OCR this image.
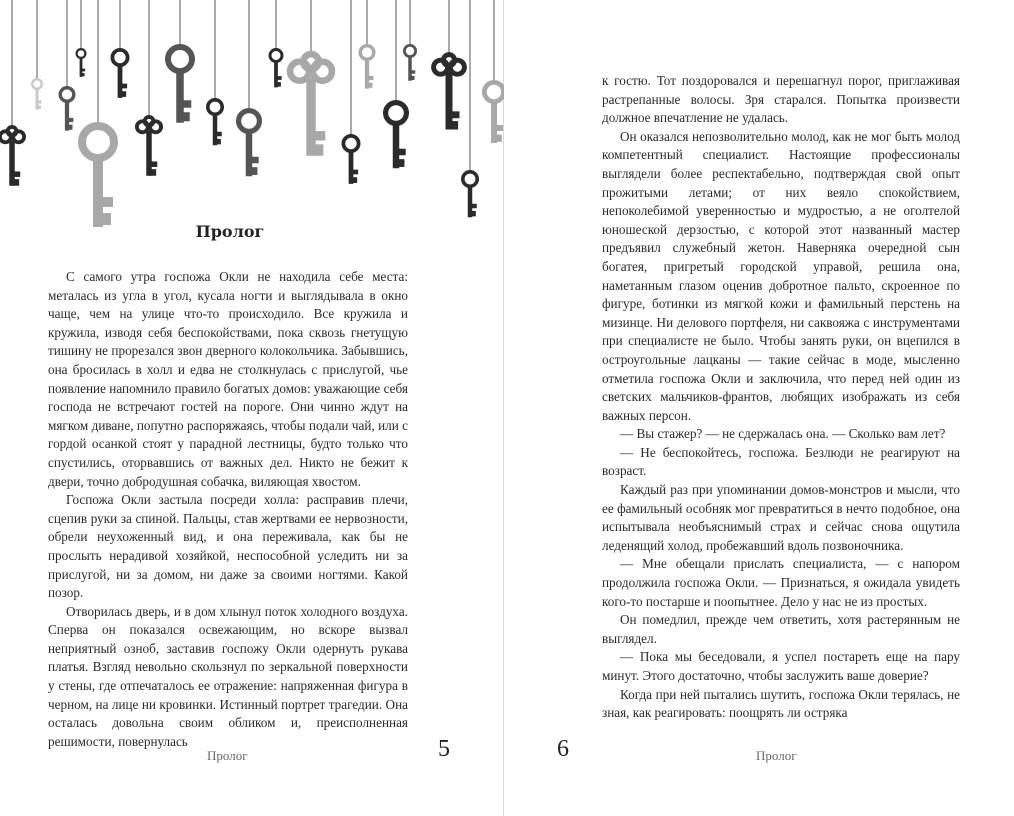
Пролог

С самого утра госпожа Окли не находила себе места: металась из угла в угол, кусала ногти и выглядывала в окно чаще, чем на улице что-то происходило. Все кружила и кружила, изводя себя беспокойствами, пока сквозь гнетущую тишину не прорезался звон дверного колокольчика. Забывшись, она бросилась в холл и едва не столкнулась с прислугой, чье появление напомнило правило богатых домов: уважающие себя господа не встречают гостей на пороге. Они чинно ждут на мягком диване, попутно распоряжаясь, чтобы подали чай, или с гордой осанкой стоят у парадной лестницы, будто только что спустились, оторвавшись от важных дел. Никто не бежит к двери, точно добродушная собачка, виляющая хвостом.

Госпожа Окли застыла посреди холла: расправив плечи, сцепив руки за спиной. Пальцы, став жертвами ее нервозности, обрели неухоженный вид, и она переживала, как бы не прослыть нерадивой хозяйкой, неспособной уследить ни за прислугой, ни за домом, ни даже за своими ногтями. Какой позор.

Отворилась дверь, и в дом хлынул поток холодного воздуха. Сперва он показался освежающим, но вскоре вызвал неприятный озноб, заставив госпожу Окли одернуть рукава платья. Взгляд невольно скользнул по зеркальной поверхности у стены, где отпечаталось ее отражение: напряженная фигура в черном, на лице ни кровинки. Истинный портрет трагедии. Она осталась довольна своим обликом и, преисполненная решимости, повернулась

Пролог	5

к гостю. Тот поздоровался и перешагнул порог, приглаживая растрепанные волосы. Зря старался. Попытка произвести должное впечатление не удалась.

Он оказался непозволительно молод, как не мог быть молод компетентный специалист. Настоящие профессионалы выглядели более респектабельно, подтверждая свой опыт прожитыми летами; от них веяло спокойствием, непоколебимой уверенностью и мудростью, а не оголтелой юношеской дерзостью, с которой этот названный мастер предъявил служебный жетон. Наверняка очередной сын богатея, пригретый городской управой, решила она, наметанным глазом оценив добротное пальто, скроенное по фигуре, ботинки из мягкой кожи и фамильный перстень на мизинце. Ни делового портфеля, ни саквояжа с инструментами при специалисте не было. Чтобы занять руки, он вцепился в остроугольные лацканы — такие сейчас в моде, мысленно отметила госпожа Окли и заключила, что перед ней один из светских мальчиков-франтов, любящих изображать из себя важных персон.

— Вы стажер? — не сдержалась она. — Сколько вам лет?

— Не беспокойтесь, госпожа. Безлюди не реагируют на возраст.

Каждый раз при упоминании домов-монстров и мысли, что ее фамильный особняк мог превратиться в нечто подобное, она испытывала необъяснимый страх и сейчас снова ощутила леденящий холод, пробежавший вдоль позвоночника.

— Мне обещали прислать специалиста, — с напором продолжила госпожа Окли. — Признаться, я ожидала увидеть кого-то постарше и поопытнее. Дело у нас не из простых.

Он помедлил, прежде чем ответить, хотя растерянным не выглядел.

— Пока мы беседовали, я успел постареть еще на пару минут. Этого достаточно, чтобы заслужить ваше доверие?

Когда при ней пытались шутить, госпожа Окли терялась, не зная, как реагировать: поощрять ли остряка

6	Пролог
